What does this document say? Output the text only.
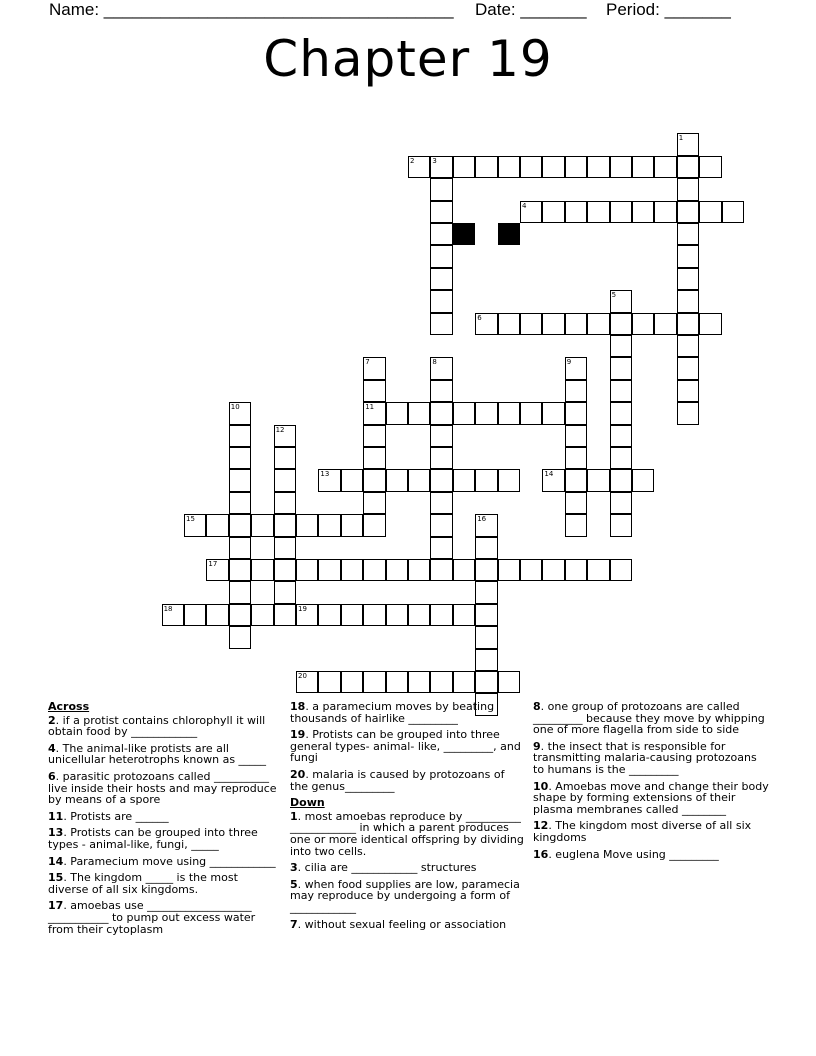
Name: _____________________________________ Date: _______ Period: _______
Chapter 19
1
2	3
4
5
6
7
11
8	9
10
12
13	14
15	16
17
18	19
20
Across
2. if a protist contains chlorophyll it will obtain food by ____________
4. The animal-like protists are all unicellular heterotrophs known as _____
6. parasitic protozoans called __________ live inside their hosts and may reproduce by means of a spore
11. Protists are ______
13. Protists can be grouped into three types - animal-like, fungi, _____
14. Paramecium move using ____________
15. The kingdom _____ is the most diverse of all six kingdoms.
17. amoebas use ___________________ ___________ to pump out excess water from their cytoplasm
18. a paramecium moves by beating thousands of hairlike _________
19. Protists can be grouped into three general types- animal- like, _________, and fungi
20. malaria is caused by protozoans of the genus_________
Down
1. most amoebas reproduce by __________ ____________ in which a parent produces one or more identical offspring by dividing into two cells.
3. cilia are ____________ structures
5. when food supplies are low, paramecia may reproduce by undergoing a form of ____________
7. without sexual feeling or association
8. one group of protozoans are called _________ because they move by whipping one of more flagella from side to side
9. the insect that is responsible for transmitting malaria-causing protozoans to humans is the _________
10. Amoebas move and change their body shape by forming extensions of their plasma membranes called ________
12. The kingdom most diverse of all six kingdoms
16. euglena Move using _________
